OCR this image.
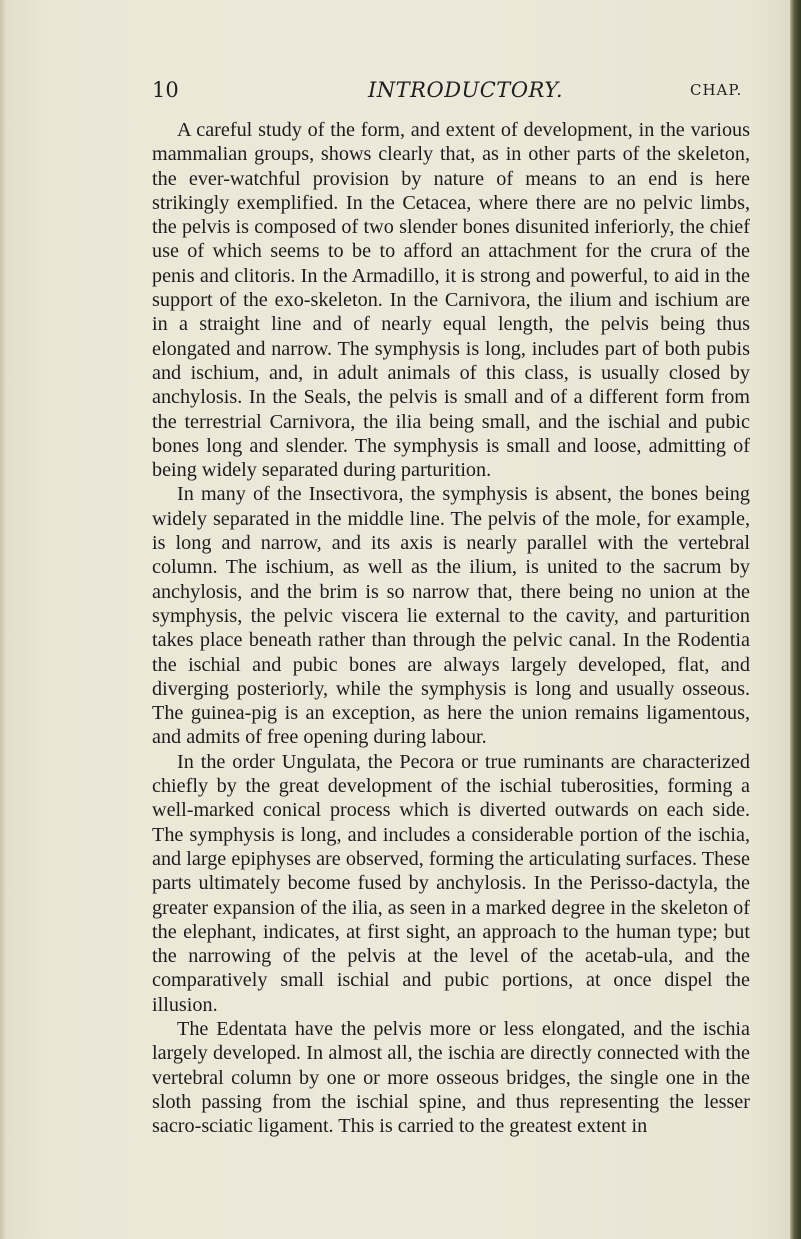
10	INTRODUCTORY.	CHAP.

A careful study of the form, and extent of development, in the various mammalian groups, shows clearly that, as in other parts of the skeleton, the ever-watchful provision by nature of means to an end is here strikingly exemplified. In the Cetacea, where there are no pelvic limbs, the pelvis is composed of two slender bones disunited inferiorly, the chief use of which seems to be to afford an attachment for the crura of the penis and clitoris. In the Armadillo, it is strong and powerful, to aid in the support of the exo-skeleton. In the Carnivora, the ilium and ischium are in a straight line and of nearly equal length, the pelvis being thus elongated and narrow. The symphysis is long, includes part of both pubis and ischium, and, in adult animals of this class, is usually closed by anchylosis. In the Seals, the pelvis is small and of a different form from the terrestrial Carnivora, the ilia being small, and the ischial and pubic bones long and slender. The symphysis is small and loose, admitting of being widely separated during parturition.

In many of the Insectivora, the symphysis is absent, the bones being widely separated in the middle line. The pelvis of the mole, for example, is long and narrow, and its axis is nearly parallel with the vertebral column. The ischium, as well as the ilium, is united to the sacrum by anchylosis, and the brim is so narrow that, there being no union at the symphysis, the pelvic viscera lie external to the cavity, and parturition takes place beneath rather than through the pelvic canal. In the Rodentia the ischial and pubic bones are always largely developed, flat, and diverging posteriorly, while the symphysis is long and usually osseous. The guinea-pig is an exception, as here the union remains ligamentous, and admits of free opening during labour.

In the order Ungulata, the Pecora or true ruminants are characterized chiefly by the great development of the ischial tuberosities, forming a well-marked conical process which is diverted outwards on each side. The symphysis is long, and includes a considerable portion of the ischia, and large epiphyses are observed, forming the articulating surfaces. These parts ultimately become fused by anchylosis. In the Perisso-dactyla, the greater expansion of the ilia, as seen in a marked degree in the skeleton of the elephant, indicates, at first sight, an approach to the human type; but the narrowing of the pelvis at the level of the acetab-ula, and the comparatively small ischial and pubic portions, at once dispel the illusion.

The Edentata have the pelvis more or less elongated, and the ischia largely developed. In almost all, the ischia are directly connected with the vertebral column by one or more osseous bridges, the single one in the sloth passing from the ischial spine, and thus representing the lesser sacro-sciatic ligament. This is carried to the greatest extent in
